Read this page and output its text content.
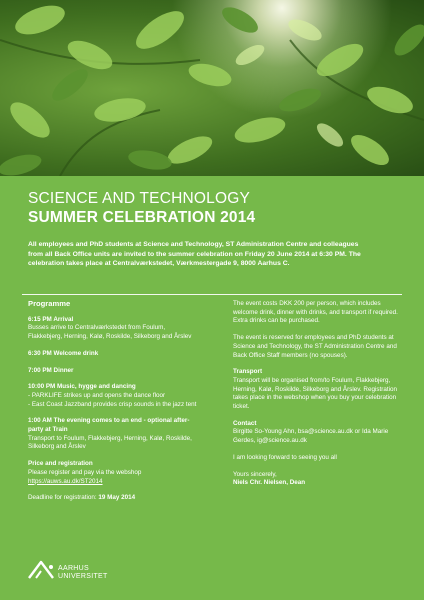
SCIENCE AND TECHNOLOGY
SUMMER CELEBRATION 2014
All employees and PhD students at Science and Technology, ST Administration Centre and colleagues from all Back Office units are invited to the summer celebration on Friday 20 June 2014 at 6:30 PM. The celebration takes place at Centralværkstedet, Værkmestergade 9, 8000 Aarhus C.
Programme
6:15 PM Arrival
Busses arrive to Centralværkstedet from Foulum, Flakkebjerg, Herning, Kalø, Roskilde, Silkeborg and Årslev
6:30 PM Welcome drink
7:00 PM Dinner
10:00 PM Music, hygge and dancing
- PARKLIFE strikes up and opens the dance floor
- East Coast Jazzband provides crisp sounds in the jazz tent
1:00 AM The evening comes to an end - optional after-party at Train
Transport to Foulum, Flakkebjerg, Herning, Kalø, Roskilde, Silkeborg and Årslev
Price and registration
Please register and pay via the webshop
https://auws.au.dk/ST2014
Deadline for registration: 19 May 2014
The event costs DKK 200 per person, which includes welcome drink, dinner with drinks, and transport if required. Extra drinks can be purchased.
The event is reserved for employees and PhD students at Science and Technology, the ST Administration Centre and Back Office Staff members (no spouses).
Transport
Transport will be organised from/to Foulum, Flakkebjerg, Herning, Kalø, Roskilde, Silkeborg and Årslev. Registration takes place in the webshop when you buy your celebration ticket.
Contact
Birgitte So-Young Ahn, bsa@science.au.dk or Ida Marie Gerdes, ig@science.au.dk
I am looking forward to seeing you all
Yours sincerely,
Niels Chr. Nielsen, Dean
AARHUS
UNIVERSITET
